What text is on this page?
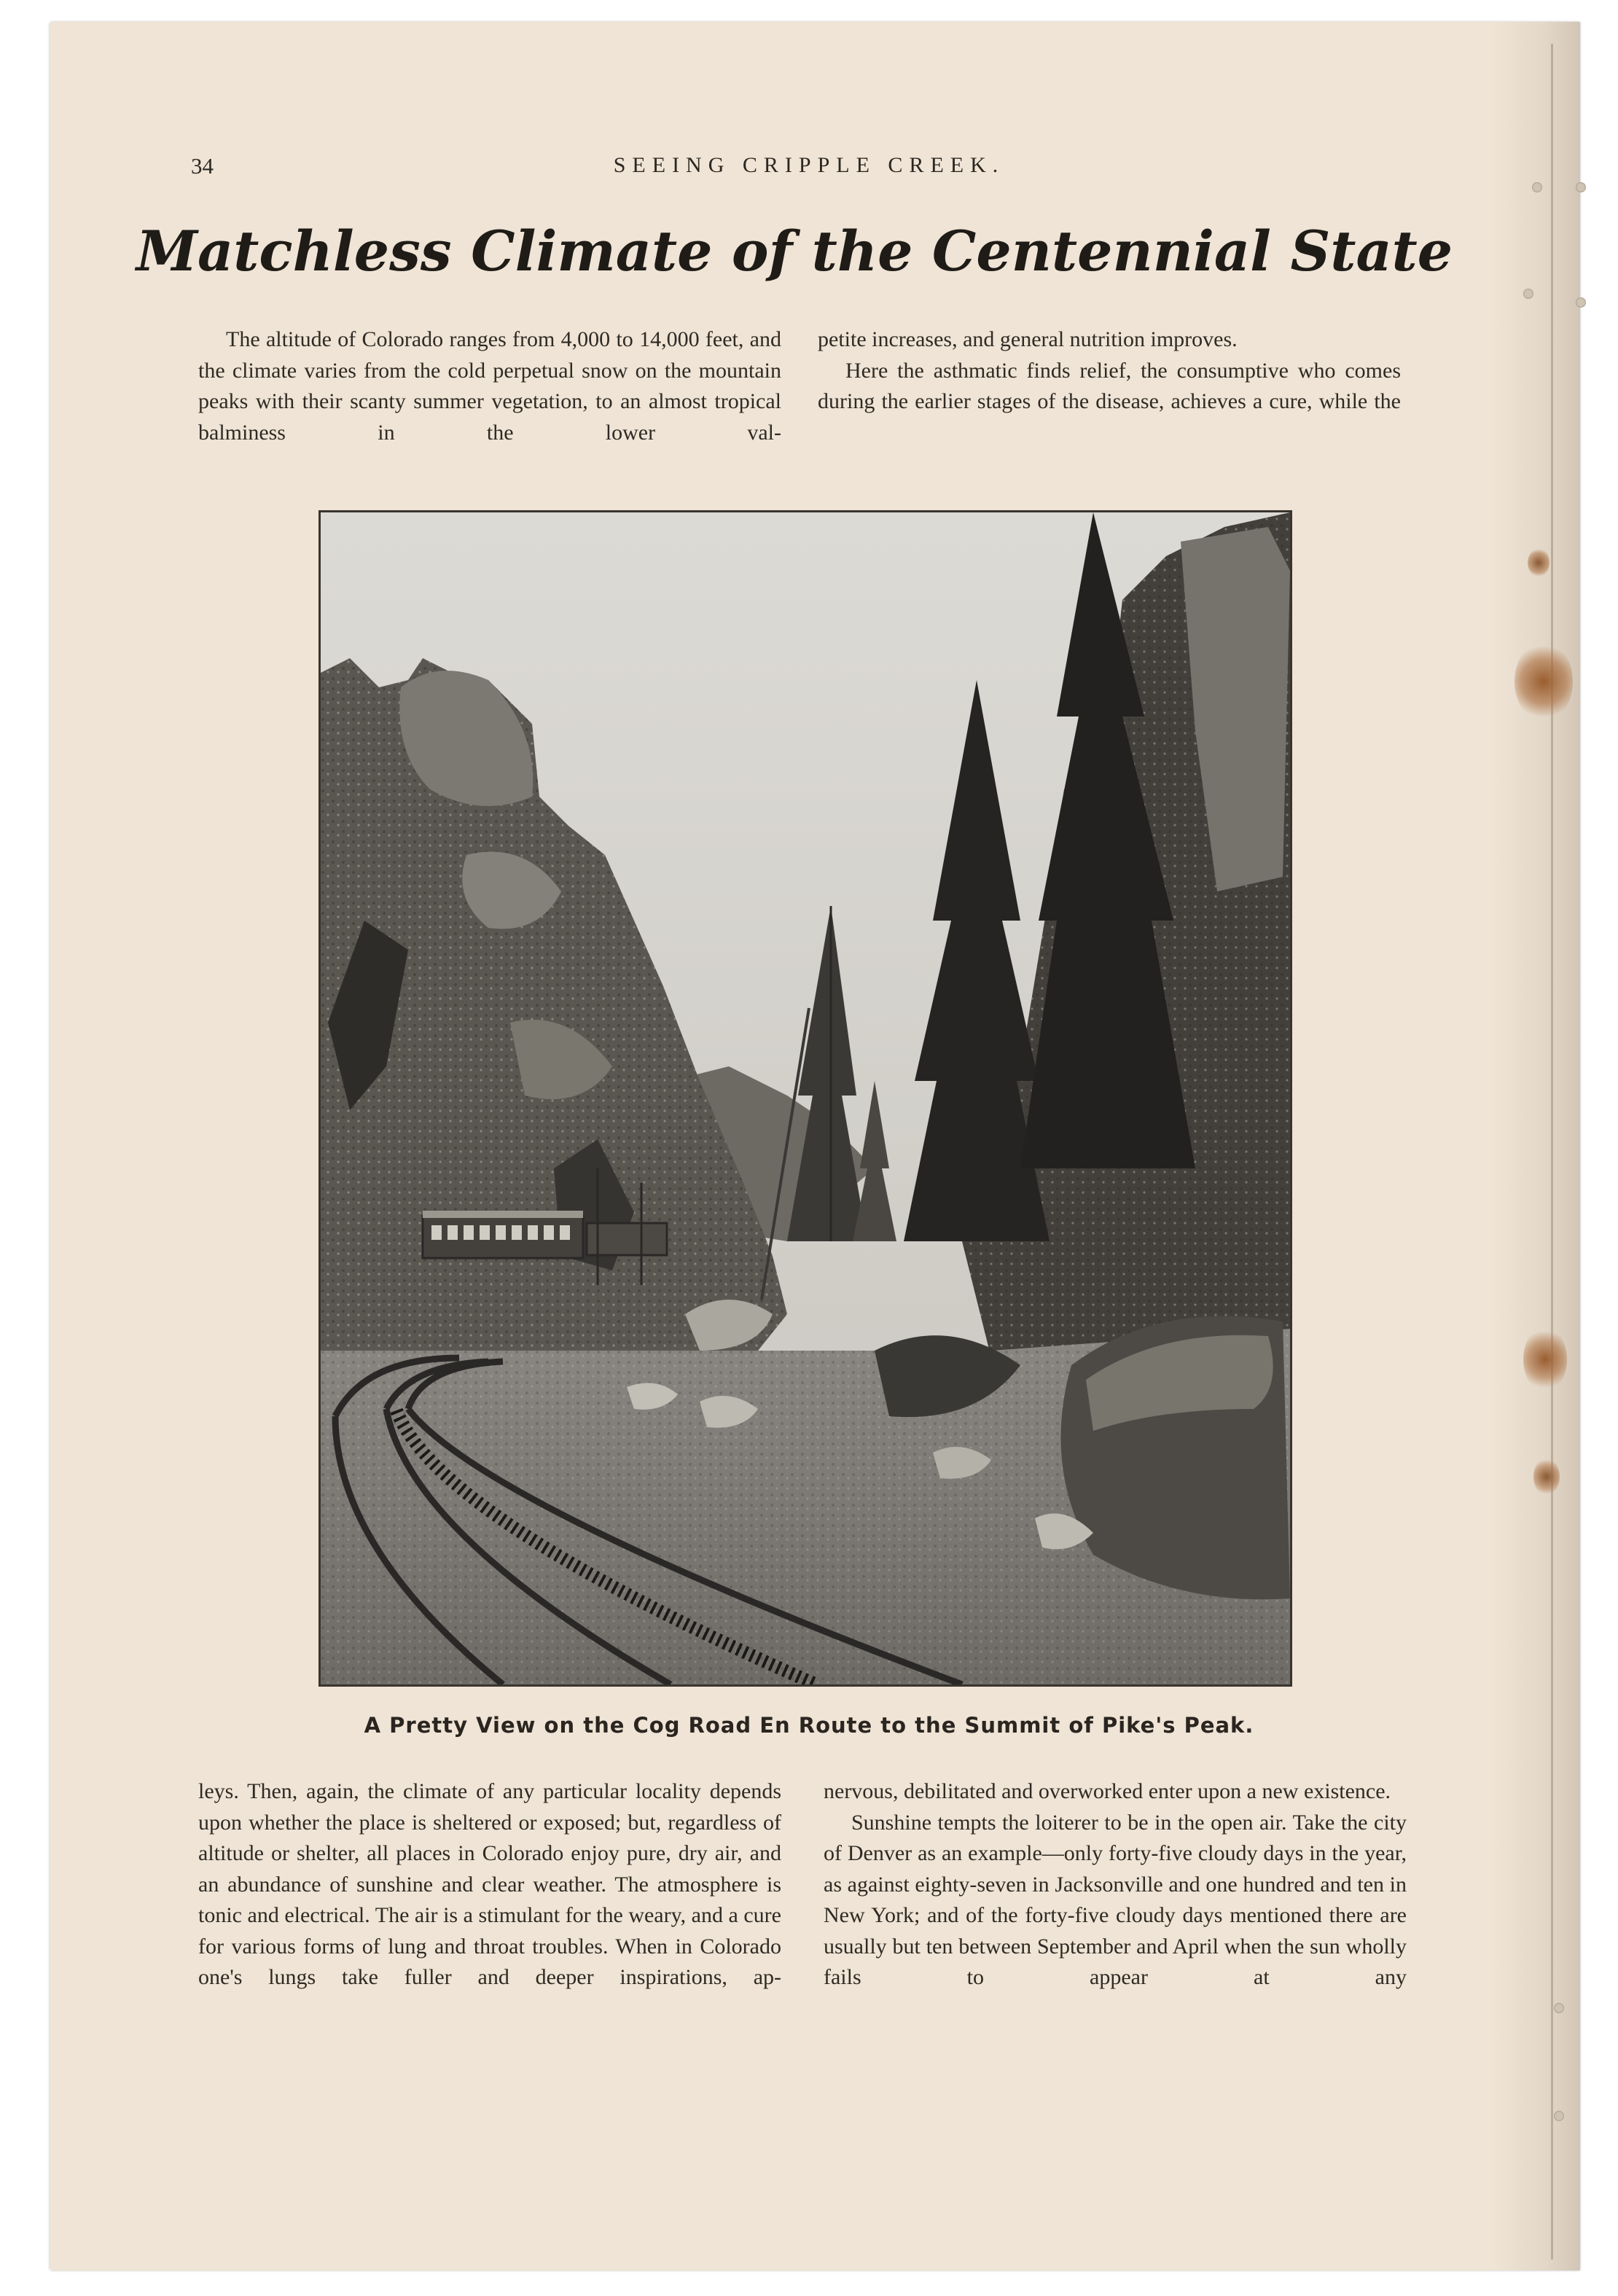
34	SEEING CRIPPLE CREEK.
Matchless Climate of the Centennial State

The altitude of Colorado ranges from 4,000 to 14,000 feet, and the climate varies from the cold perpetual snow on the mountain peaks with their scanty summer vegetation, to an almost tropical balminess in the lower val-

petite increases, and general nutrition improves.

Here the asthmatic finds relief, the consumptive who comes during the earlier stages of the disease, achieves a cure, while the

A Pretty View on the Cog Road En Route to the Summit of Pike's Peak.

leys. Then, again, the climate of any particular locality depends upon whether the place is sheltered or exposed; but, regardless of altitude or shelter, all places in Colorado enjoy pure, dry air, and an abundance of sunshine and clear weather. The atmosphere is tonic and electrical. The air is a stimulant for the weary, and a cure for various forms of lung and throat troubles. When in Colorado one's lungs take fuller and deeper inspirations, ap-

nervous, debilitated and overworked enter upon a new existence.

Sunshine tempts the loiterer to be in the open air. Take the city of Denver as an example—only forty-five cloudy days in the year, as against eighty-seven in Jacksonville and one hundred and ten in New York; and of the forty-five cloudy days mentioned there are usually but ten between September and April when the sun wholly fails to appear at any
